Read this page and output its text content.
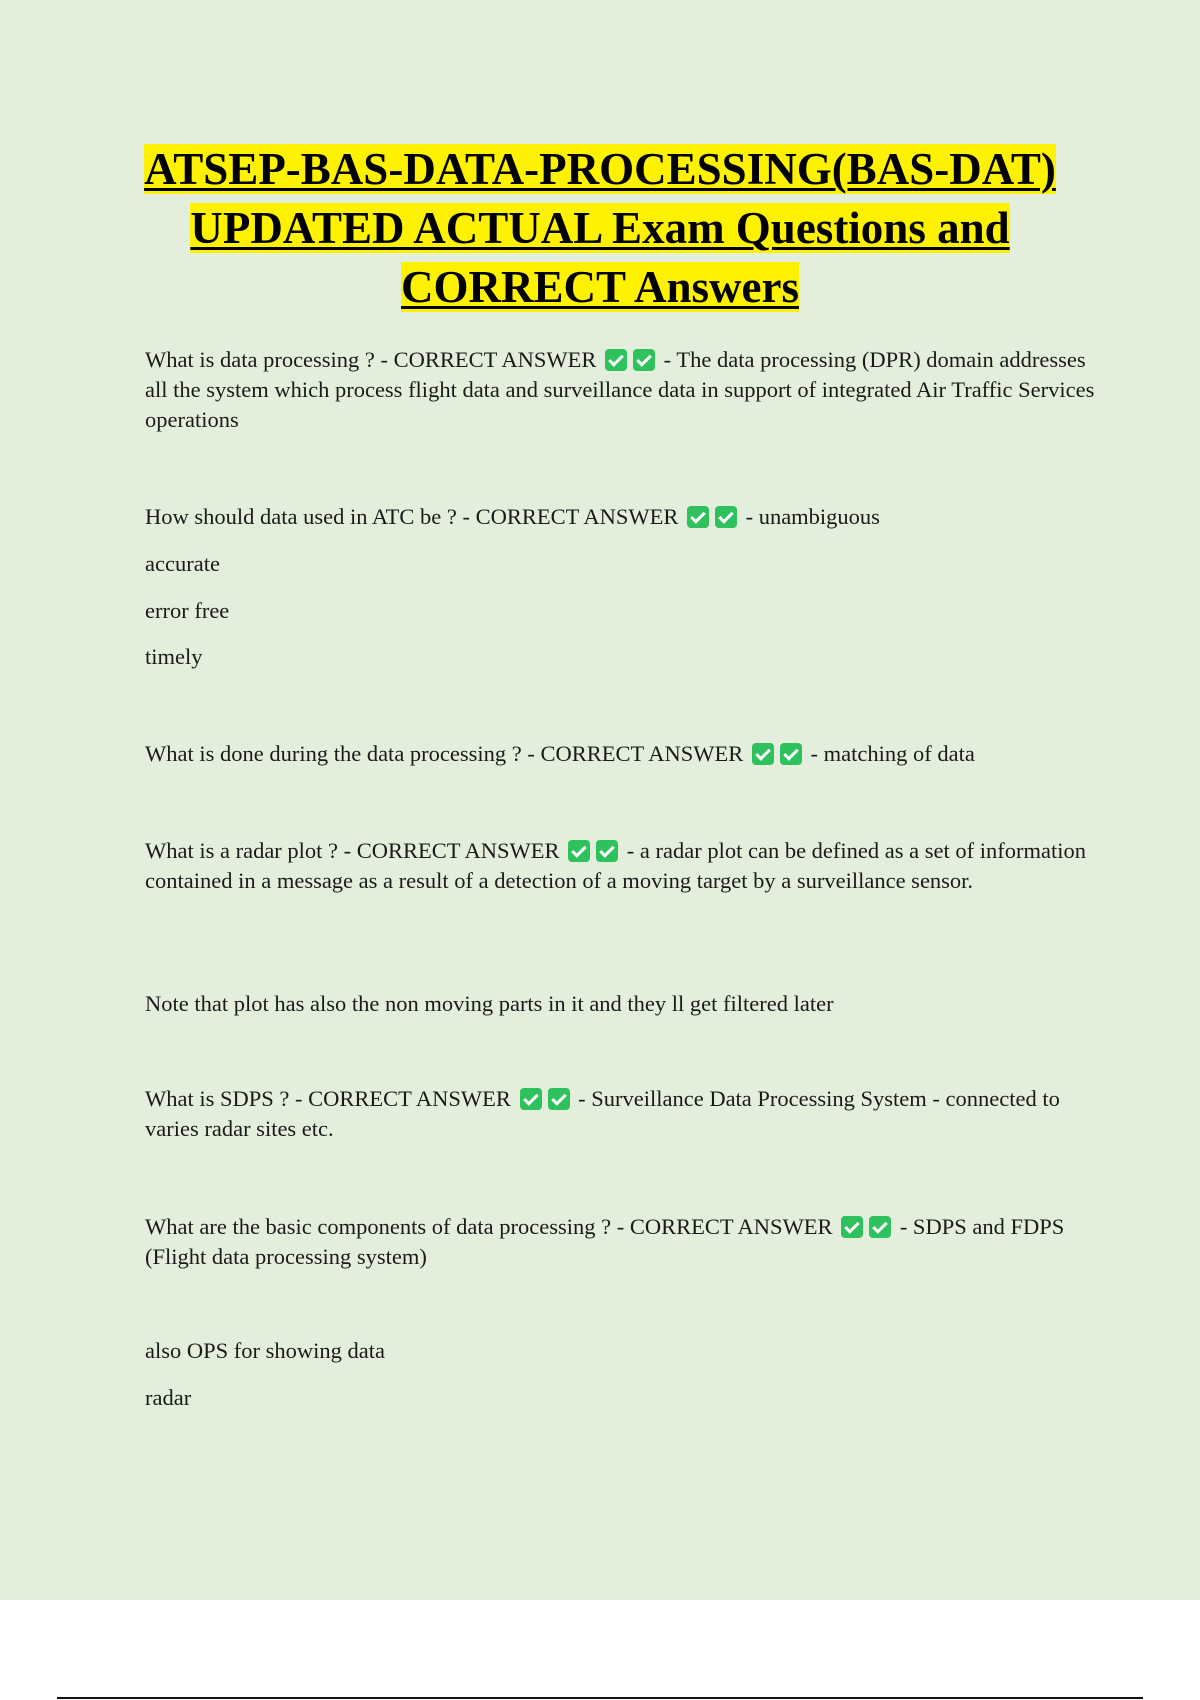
ATSEP-BAS-DATA-PROCESSING(BAS-DAT) UPDATED ACTUAL Exam Questions and CORRECT Answers
What is data processing ? - CORRECT ANSWER	- The data processing (DPR) domain addresses all the system which process flight data and surveillance data in support of integrated Air Traffic Services operations
How should data used in ATC be ? - CORRECT ANSWER	- unambiguous
accurate
error free
timely
What is done during the data processing ? - CORRECT ANSWER	- matching of data
What is a radar plot ? - CORRECT ANSWER	- a radar plot can be defined as a set of information contained in a message as a result of a detection of a moving target by a surveillance sensor.
Note that plot has also the non moving parts in it and they ll get filtered later
What is SDPS ? - CORRECT ANSWER	- Surveillance Data Processing System - connected to varies radar sites etc.
What are the basic components of data processing ? - CORRECT ANSWER	- SDPS and FDPS (Flight data processing system)
also OPS for showing data
radar
